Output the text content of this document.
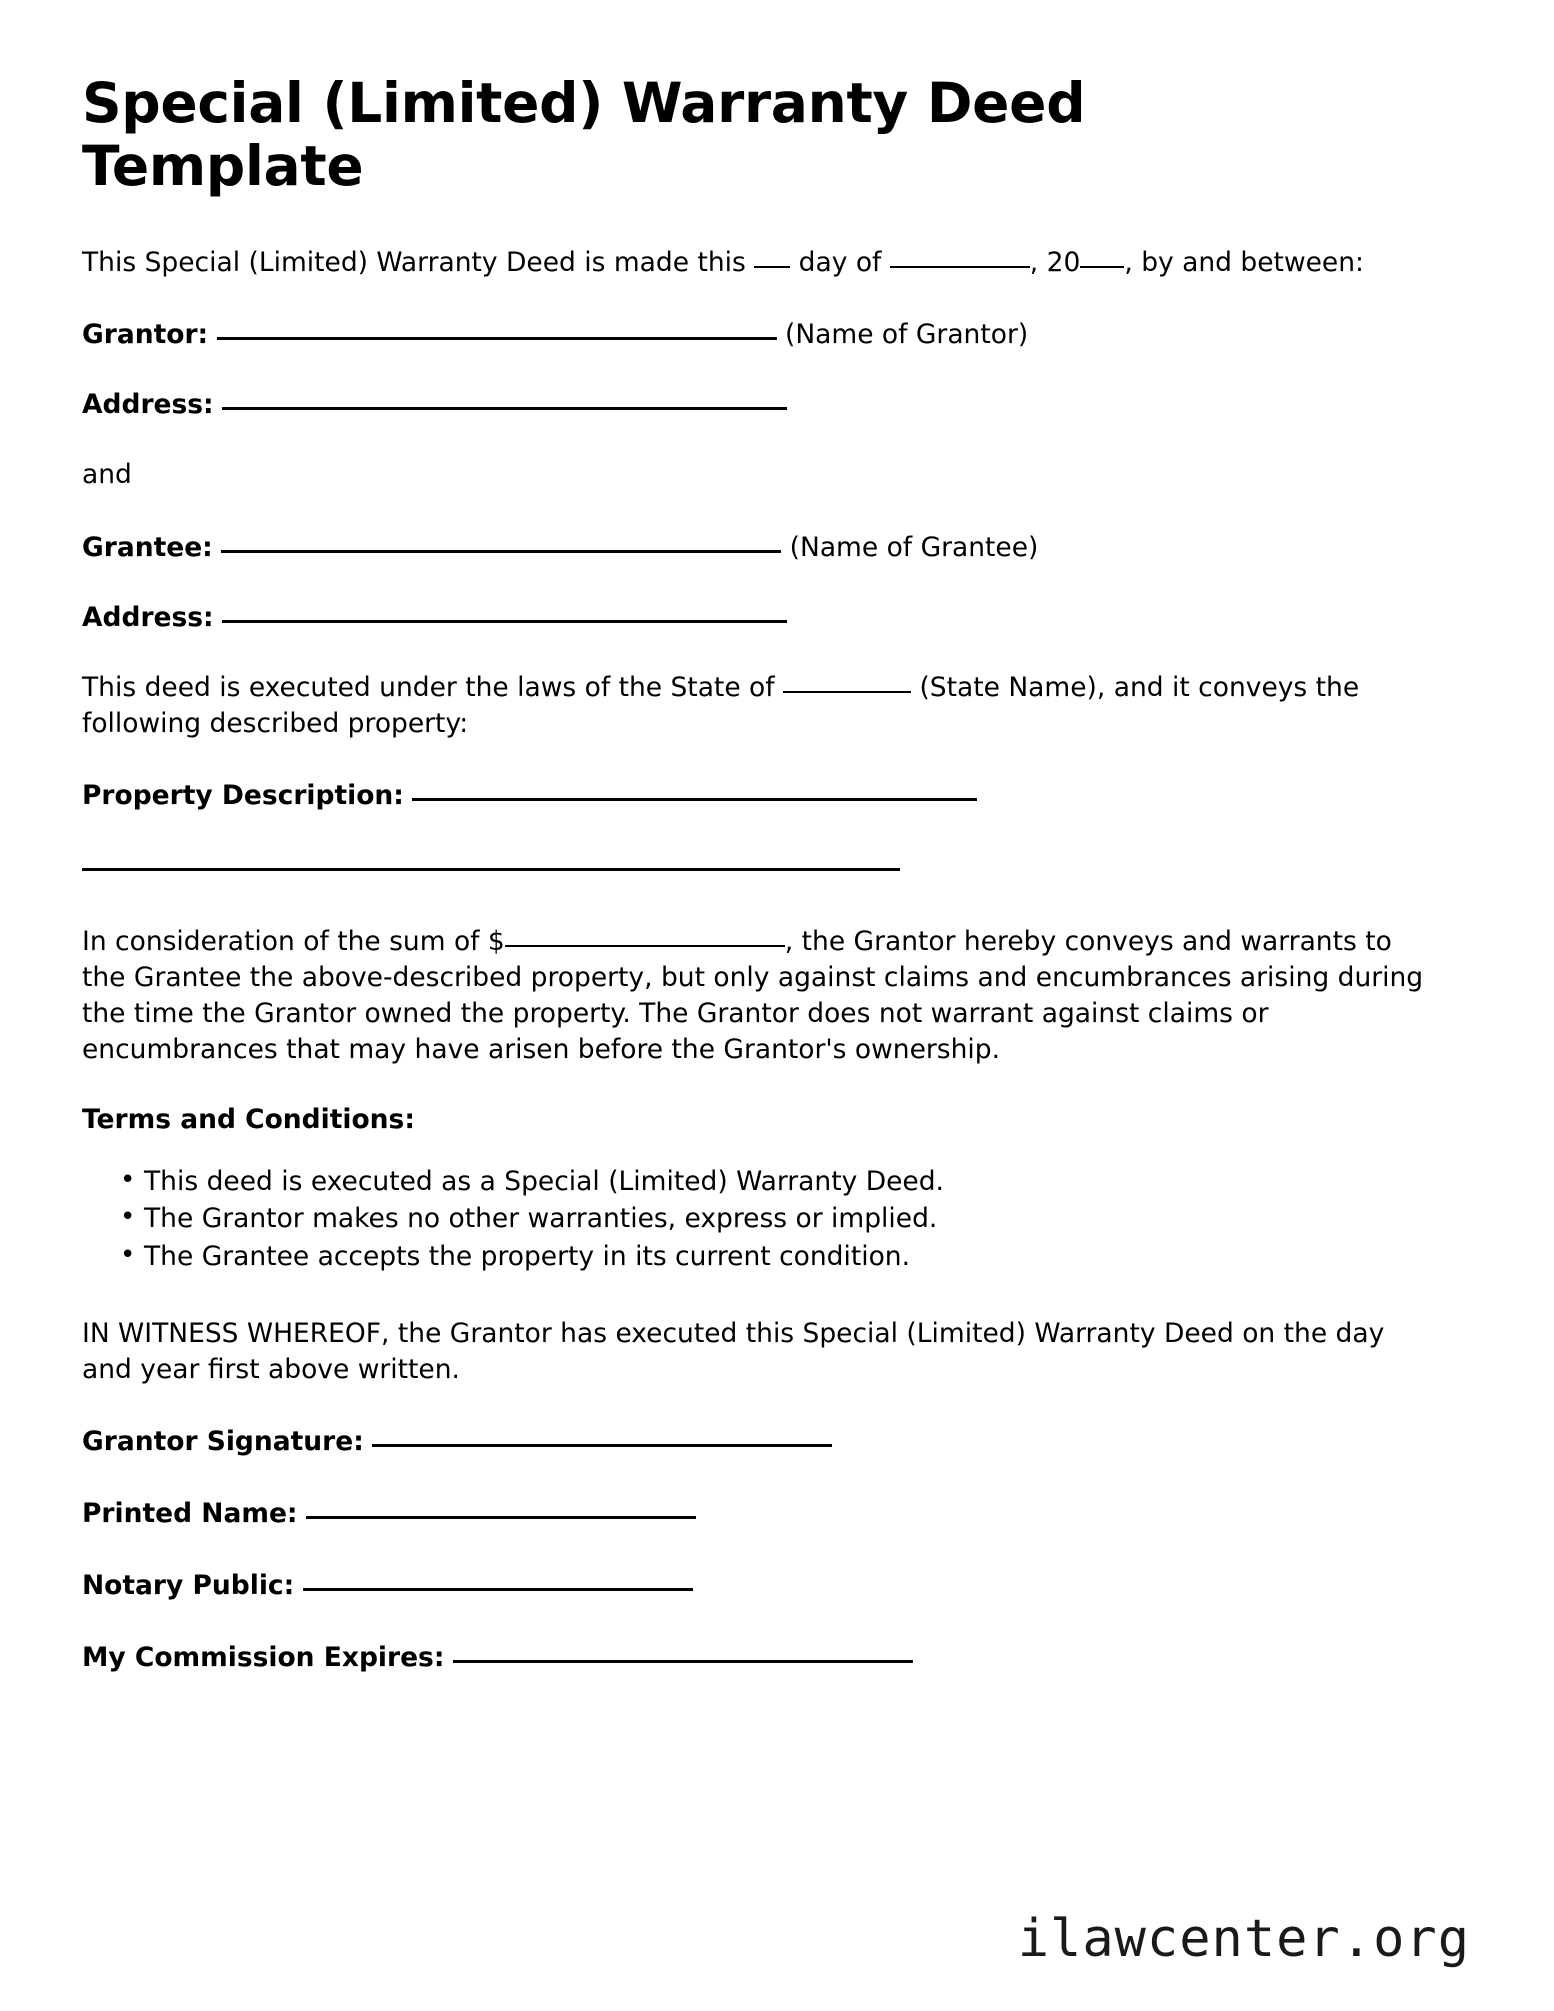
Special (Limited) Warranty Deed Template

This Special (Limited) Warranty Deed is made this  day of	, 20 , by and between:

Grantor:	(Name of Grantor)
Address:

and

Grantee:	(Name of Grantee)
Address:

This deed is executed under the laws of the State of	(State Name), and it conveys the following described property:

Property Description:

In consideration of the sum of $	, the Grantor hereby conveys and warrants to the Grantee the above-described property, but only against claims and encumbrances arising during the time the Grantor owned the property. The Grantor does not warrant against claims or encumbrances that may have arisen before the Grantor's ownership.

Terms and Conditions:
• This deed is executed as a Special (Limited) Warranty Deed.
• The Grantor makes no other warranties, express or implied.
• The Grantee accepts the property in its current condition.

IN WITNESS WHEREOF, the Grantor has executed this Special (Limited) Warranty Deed on the day and year first above written.

Grantor Signature:
Printed Name:
Notary Public:
My Commission Expires:
ilawcenter.org
